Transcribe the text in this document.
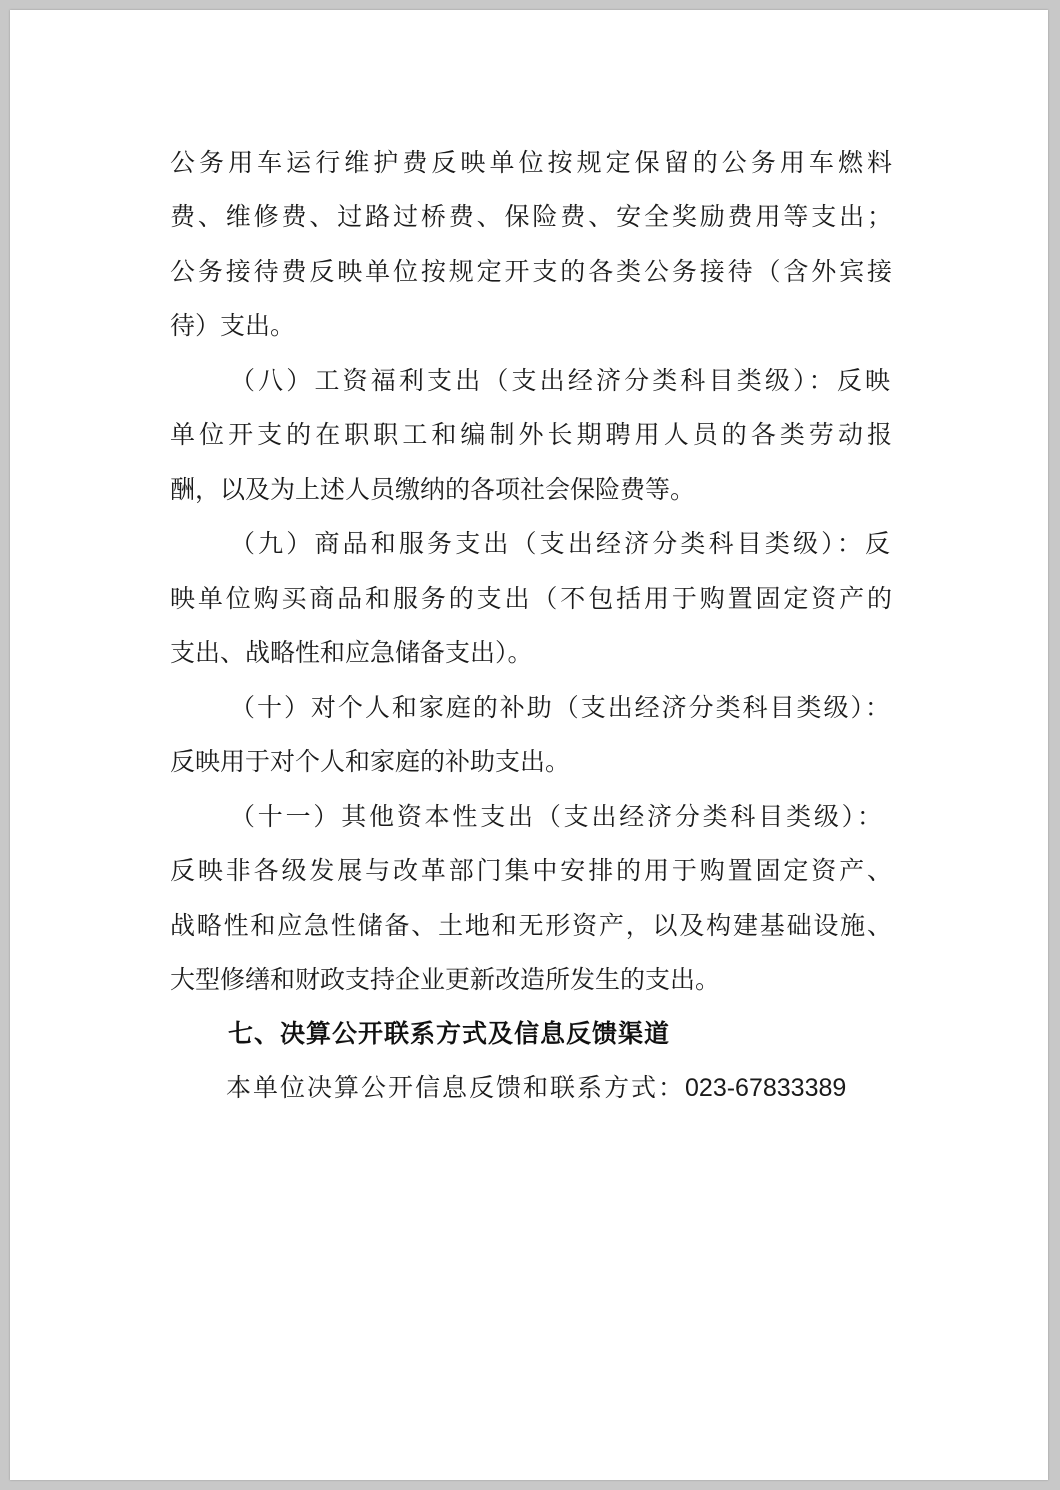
公务用车运行维护费反映单位按规定保留的公务用车燃料
费、维修费、过路过桥费、保险费、安全奖励费用等支出；
公务接待费反映单位按规定开支的各类公务接待（含外宾接
待）支出。
（八）工资福利支出（支出经济分类科目类级）：反映
单位开支的在职职工和编制外长期聘用人员的各类劳动报
酬，以及为上述人员缴纳的各项社会保险费等。
（九）商品和服务支出（支出经济分类科目类级）：反
映单位购买商品和服务的支出（不包括用于购置固定资产的
支出、战略性和应急储备支出）。
（十）对个人和家庭的补助（支出经济分类科目类级）：
反映用于对个人和家庭的补助支出。
（十一）其他资本性支出（支出经济分类科目类级）：
反映非各级发展与改革部门集中安排的用于购置固定资产、
战略性和应急性储备、土地和无形资产，以及构建基础设施、
大型修缮和财政支持企业更新改造所发生的支出。
七、决算公开联系方式及信息反馈渠道
本单位决算公开信息反馈和联系方式：023-67833389
